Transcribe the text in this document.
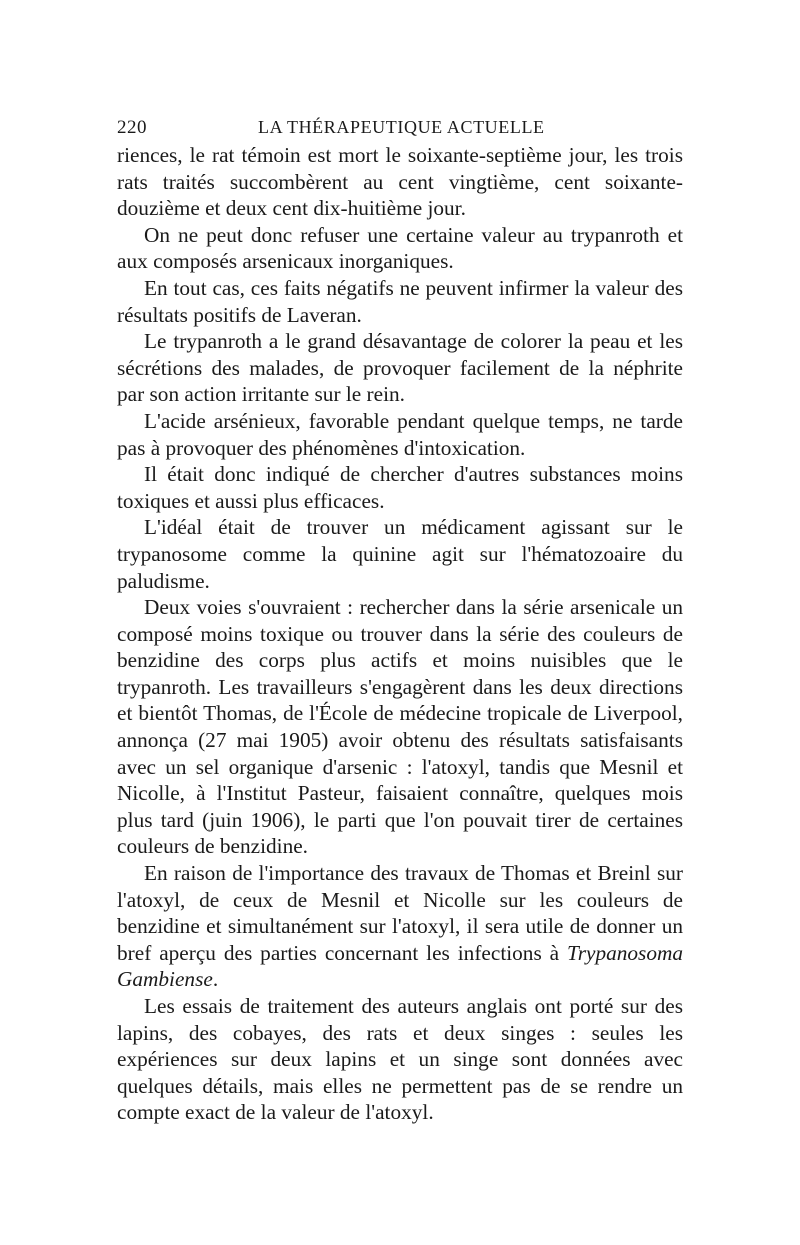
220	LA THÉRAPEUTIQUE ACTUELLE

riences, le rat témoin est mort le soixante-septième jour, les trois rats traités succombèrent au cent vingtième, cent soixante-douzième et deux cent dix-huitième jour.

On ne peut donc refuser une certaine valeur au trypanroth et aux composés arsenicaux inorganiques.

En tout cas, ces faits négatifs ne peuvent infirmer la valeur des résultats positifs de Laveran.

Le trypanroth a le grand désavantage de colorer la peau et les sécrétions des malades, de provoquer facilement de la néphrite par son action irritante sur le rein.

L'acide arsénieux, favorable pendant quelque temps, ne tarde pas à provoquer des phénomènes d'intoxication.

Il était donc indiqué de chercher d'autres substances moins toxiques et aussi plus efficaces.

L'idéal était de trouver un médicament agissant sur le trypanosome comme la quinine agit sur l'hématozoaire du paludisme.

Deux voies s'ouvraient : rechercher dans la série arsenicale un composé moins toxique ou trouver dans la série des couleurs de benzidine des corps plus actifs et moins nuisibles que le trypanroth. Les travailleurs s'engagèrent dans les deux directions et bientôt Thomas, de l'École de médecine tropicale de Liverpool, annonça (27 mai 1905) avoir obtenu des résultats satisfaisants avec un sel organique d'arsenic : l'atoxyl, tandis que Mesnil et Nicolle, à l'Institut Pasteur, faisaient connaître, quelques mois plus tard (juin 1906), le parti que l'on pouvait tirer de certaines couleurs de benzidine.

En raison de l'importance des travaux de Thomas et Breinl sur l'atoxyl, de ceux de Mesnil et Nicolle sur les couleurs de benzidine et simultanément sur l'atoxyl, il sera utile de donner un bref aperçu des parties concernant les infections à Trypanosoma Gambiense.

Les essais de traitement des auteurs anglais ont porté sur des lapins, des cobayes, des rats et deux singes : seules les expériences sur deux lapins et un singe sont données avec quelques détails, mais elles ne permettent pas de se rendre un compte exact de la valeur de l'atoxyl.
